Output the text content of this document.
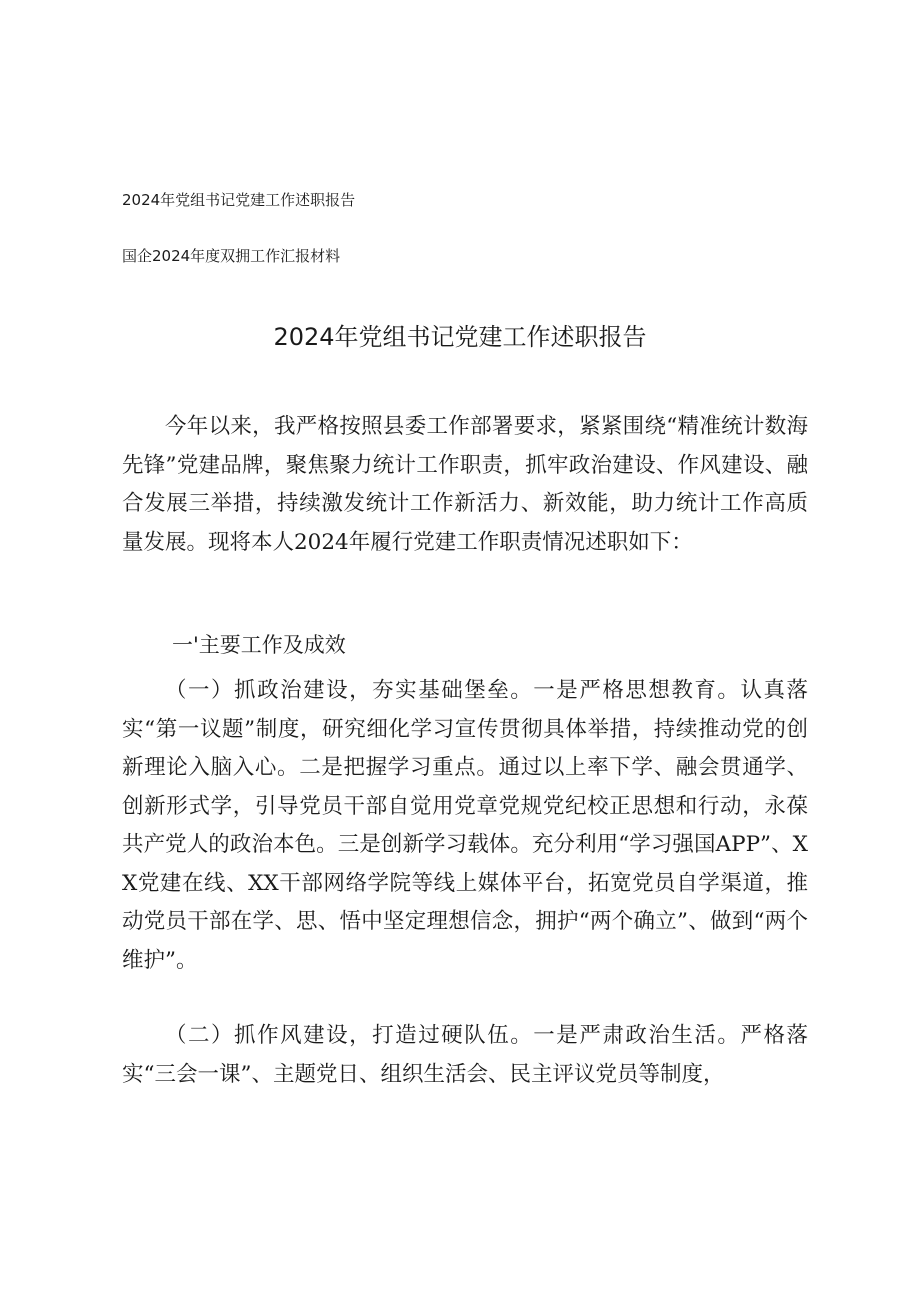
2024年党组书记党建工作述职报告
国企2024年度双拥工作汇报材料
2024年党组书记党建工作述职报告

今年以来，我严格按照县委工作部署要求，紧紧围绕“精准统计数海先锋”党建品牌，聚焦聚力统计工作职责，抓牢政治建设、作风建设、融合发展三举措，持续激发统计工作新活力、新效能，助力统计工作高质量发展。现将本人2024年履行党建工作职责情况述职如下：

一'主要工作及成效

（一）抓政治建设，夯实基础堡垒。一是严格思想教育。认真落实“第一议题”制度，研究细化学习宣传贯彻具体举措，持续推动党的创新理论入脑入心。二是把握学习重点。通过以上率下学、融会贯通学、创新形式学，引导党员干部自觉用党章党规党纪校正思想和行动，永葆共产党人的政治本色。三是创新学习载体。充分利用“学习强国APP”、XX党建在线、XX干部网络学院等线上媒体平台，拓宽党员自学渠道，推动党员干部在学、思、悟中坚定理想信念，拥护“两个确立”、做到“两个维护”。

（二）抓作风建设，打造过硬队伍。一是严肃政治生活。严格落实“三会一课”、主题党日、组织生活会、民主评议党员等制度，
